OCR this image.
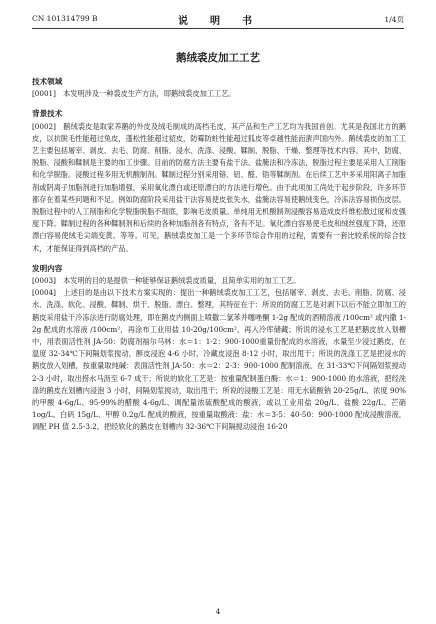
CN 101314799 B	说　明　书	1/4页
鹅绒裘皮加工工艺
技术领域

[0001]　本发明涉及一种裘皮生产方法，即鹅绒裘皮加工工艺。

背景技术

[0002]　鹅绒裘皮是取家养鹅的外皮及绒毛制成的高档毛皮，其产品和生产工艺均为我国首创。尤其是我国北方的鹅皮，以抗脱毛性能超过兔皮，蓬松性能超过貂皮，防霉防蛀性能超过狐皮等卓越性能而蜚声国内外。鹅绒裘皮的加工工艺主要包括屠宰、剥皮、去毛、防腐、削脂、浸水、洗涤、浸酸、鞣制、脱脂、干燥、整理等技术内容。其中，防腐、脱脂、浸酸和鞣制是主要的加工步骤。目前的防腐方法主要有盐干法、盐腌法和冷冻法，脱脂过程主要是采用人工削脂和化学脱脂。浸酸过程多用无机酸制剂。鞣制过程分别采用铬、铝、醛、锆等鞣制剂。在后续工艺中多采用阳离子加脂剂或阴离子加脂剂进行加脂增强，采用氧化漂白或还原漂白的方法进行增色。由于此项加工尚处于起步阶段，许多环节都存在着某些问题和不足。例如防腐阶段采用盐干法容易使皮张失水，盐腌法容易使鹅绒变色，冷冻法容易损伤皮层。脱脂过程中的人工削脂和化学脱脂脱脂不彻底，影响毛皮质量。单纯用无机酸制剂浸酸容易造成皮纤维松散过度和皮强度下降。鞣制过程的各种鞣制剂和后续的各种加脂剂各有特点，各有不足。氧化漂白容易使毛皮和绒丝强度下降，还原漂白容易使绒毛尖端变黄。等等。可见，鹅绒裘皮加工是一个多环节综合作用的过程，需要有一套比较系统的综合技术，才能保证得到高档的产品。

发明内容

[0003]　本发明的目的是提供一种能够保证鹅绒裘皮质量，且简单实用的加工工艺。

[0004]　上述目的是由以下技术方案实现的：提出一种鹅绒裘皮加工工艺，包括屠宰、剥皮、去毛、削脂、防腐、浸水、洗涤、软化、浸酸、鞣制、烘干、脱脂、漂白、整理，其特征在于：所说的防腐工艺是对剥下以后不能立即加工的鹅皮采用盐干冷冻法进行防腐处理，即在鹅皮内侧面上喷撒二氯苯并噻唑酮 1-2g 配成的酒精溶液 /100cm² 或内撒 1-2g 配成的水溶液 /100cm²，再涂布工业用盐 10-20g/100cm²，再入冷库储藏；所说的浸水工艺是把鹅皮放入划槽中，用表面活性剂 JA-50：防腐剂福尔马林：水＝1：1-2：900-1000重量份配成的水溶液，水量至少浸过鹅皮，在温度 32-34℃下间隔划浆搅动，醉皮浸泡 4-6 小时，冷藏皮浸泡 8-12 小时，取出甩干；所说的洗涤工艺是把浸水的鹅皮放入划槽，按重量取纯碱：表面活性剂 JA-50：水＝2：2-3：900-1000 配制溶液，在 31-33℃下间隔划浆搅动 2-3 小时，取出捞水马沥至 6-7 成干；所说的软化工艺是：按重量配制蛋白酶：水＝1：900-1000 的水溶液，把经洗涤的鹅皮在划槽内浸泡 3 小时，间隔划浆搅动，取出甩干；所说的浸酸工艺是：用无水硫酸钠 20-25g/L、浓度 90%的甲酸 4-6g/L、95-99%的醋酸 4-6g/L、调配量浓硫酸配成的酸液，或以工业用盐 20g/L、盐酸 22g/L、芒硝 1og/L、白矾 15g/L、甲醇 0.2g/L 配成的酸液，按重量取酸液：盐：水＝3-5：40-50：900-1000 配成浸酸溶液，调配 PH 值 2.5-3.2，把经软化的鹅皮在划槽内 32-36℃下间隔搅动浸泡 16-20

4
